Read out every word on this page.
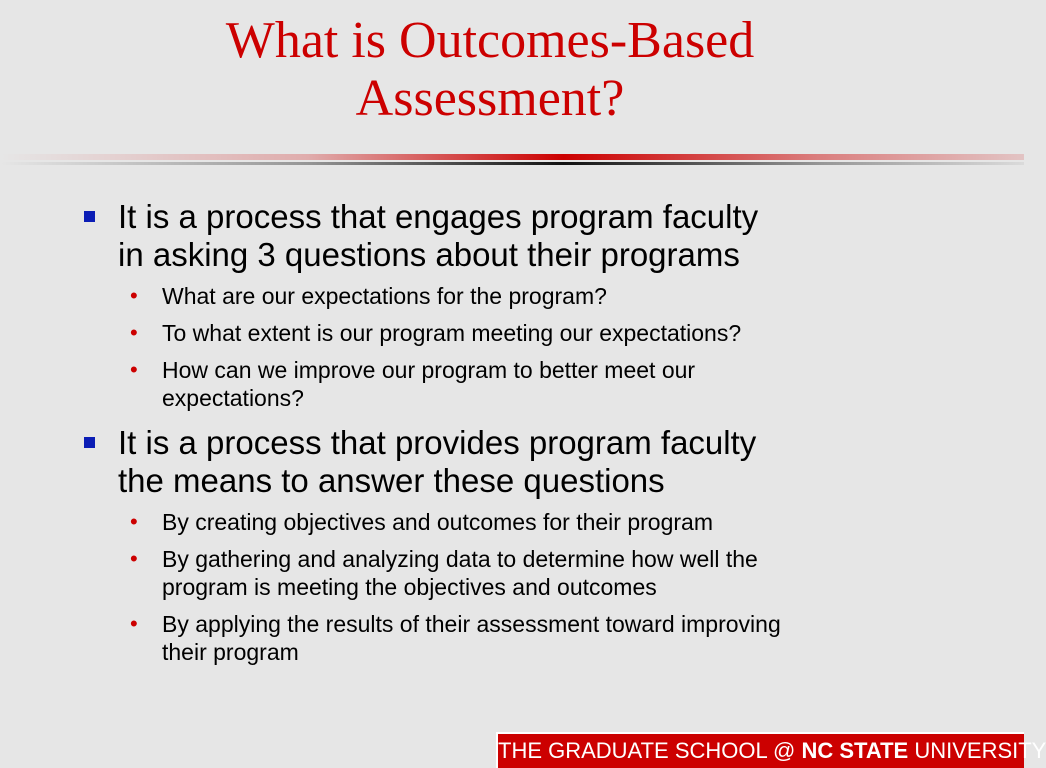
What is Outcomes-Based
Assessment?
It is a process that engages program faculty
in asking 3 questions about their programs
• What are our expectations for the program?
• To what extent is our program meeting our expectations?
• How can we improve our program to better meet our
expectations?
It is a process that provides program faculty
the means to answer these questions
• By creating objectives and outcomes for their program
• By gathering and analyzing data to determine how well the
program is meeting the objectives and outcomes
• By applying the results of their assessment toward improving
their program
THE GRADUATE SCHOOL @ NC STATE UNIVERSITY
